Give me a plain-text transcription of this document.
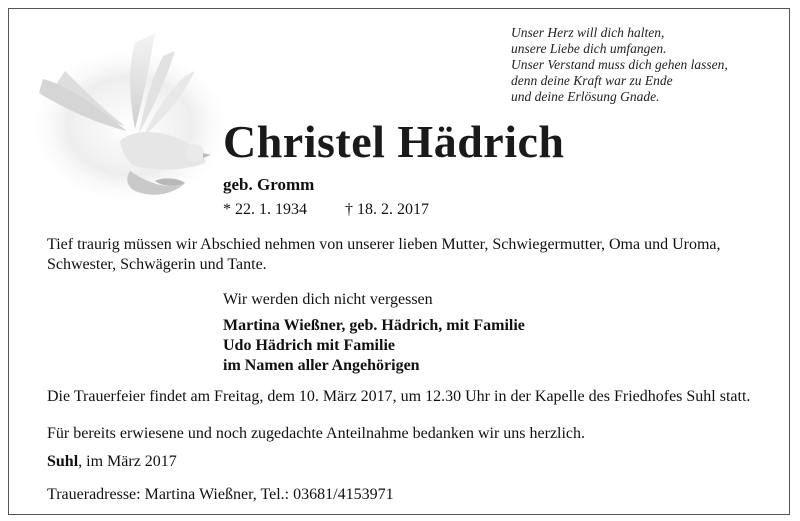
Unser Herz will dich halten,
unsere Liebe dich umfangen.
Unser Verstand muss dich gehen lassen,
denn deine Kraft war zu Ende
und deine Erlösung Gnade.
Christel Hädrich
geb. Gromm
* 22. 1. 1934 † 18. 2. 2017
Tief traurig müssen wir Abschied nehmen von unserer lieben Mutter, Schwiegermutter, Oma und Uroma, Schwester, Schwägerin und Tante.
Wir werden dich nicht vergessen
Martina Wießner, geb. Hädrich, mit Familie
Udo Hädrich mit Familie
im Namen aller Angehörigen
Die Trauerfeier findet am Freitag, dem 10. März 2017, um 12.30 Uhr in der Kapelle des Friedhofes Suhl statt.
Für bereits erwiesene und noch zugedachte Anteilnahme bedanken wir uns herzlich.
Suhl, im März 2017
Traueradresse: Martina Wießner, Tel.: 03681/4153971
